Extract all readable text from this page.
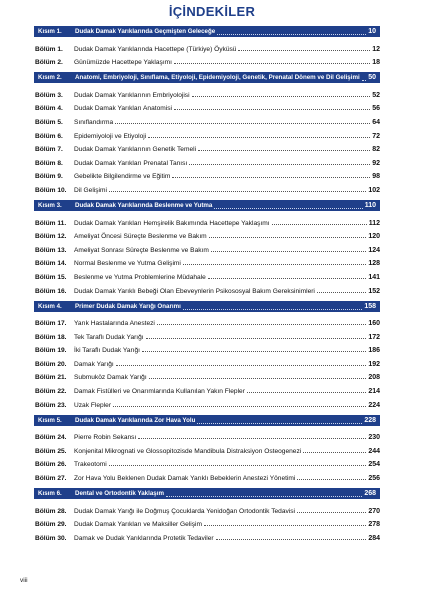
İÇİNDEKİLER
Kısım 1.	Dudak Damak Yarıklarında Geçmişten Geleceğe	10
Bölüm 1.	Dudak Damak Yarıklarında Hacettepe (Türkiye) Öyküsü	12
Bölüm 2.	Günümüzde Hacettepe Yaklaşımı	18
Kısım 2.	Anatomi, Embriyoloji, Sınıflama, Etiyoloji, Epidemiyoloji, Genetik, Prenatal Dönem ve Dil Gelişimi 50
Bölüm 3.	Dudak Damak Yarıklarının Embriyolojisi	52
Bölüm 4.	Dudak Damak Yarıkları Anatomisi	56
Bölüm 5.	Sınıflandırma	64
Bölüm 6.	Epidemiyoloji ve Etiyoloji	72
Bölüm 7.	Dudak Damak Yarıklarının Genetik Temeli	82
Bölüm 8.	Dudak Damak Yarıkları Prenatal Tanısı	92
Bölüm 9.	Gebelikte Bilgilendirme ve Eğitim	98
Bölüm 10.	Dil Gelişimi	102
Kısım 3.	Dudak Damak Yarıklarında Beslenme ve Yutma	110
Bölüm 11.	Dudak Damak Yarıkları Hemşirelik Bakımında Hacettepe Yaklaşımı	112
Bölüm 12.	Ameliyat Öncesi Süreçte Beslenme ve Bakım	120
Bölüm 13.	Ameliyat Sonrası Süreçte Beslenme ve Bakım	124
Bölüm 14.	Normal Beslenme ve Yutma Gelişimi	128
Bölüm 15.	Beslenme ve Yutma Problemlerine Müdahale	141
Bölüm 16.	Dudak Damak Yarıklı Bebeği Olan Ebeveynlerin Psikososyal Bakım Gereksinimleri	152
Kısım 4.	Primer Dudak Damak Yarığı Onarımı	158
Bölüm 17.	Yarık Hastalarında Anestezi	160
Bölüm 18.	Tek Taraflı Dudak Yarığı	172
Bölüm 19.	İki Taraflı Dudak Yarığı	186
Bölüm 20.	Damak Yarığı	192
Bölüm 21.	Submuköz Damak Yarığı	208
Bölüm 22.	Damak Fistülleri ve Onarımlarında Kullanılan Yakın Flepler	214
Bölüm 23.	Uzak Flepler	224
Kısım 5.	Dudak Damak Yarıklarında Zor Hava Yolu	228
Bölüm 24.	Pierre Robin Sekansı	230
Bölüm 25.	Konjenital Mikrognati ve Glossopitozisde Mandibula Distraksiyon Osteogenezi	244
Bölüm 26.	Trakeotomi	254
Bölüm 27.	Zor Hava Yolu Beklenen Dudak Damak Yarıklı Bebeklerin Anestezi Yönetimi	256
Kısım 6.	Dental ve Ortodontik Yaklaşım	268
Bölüm 28.	Dudak Damak Yarığı ile Doğmuş Çocuklarda Yenidoğan Ortodontik Tedavisi	270
Bölüm 29.	Dudak Damak Yarıkları ve Maksiller Gelişim	278
Bölüm 30.	Damak ve Dudak Yarıklarında Protetik Tedaviler	284
viii
